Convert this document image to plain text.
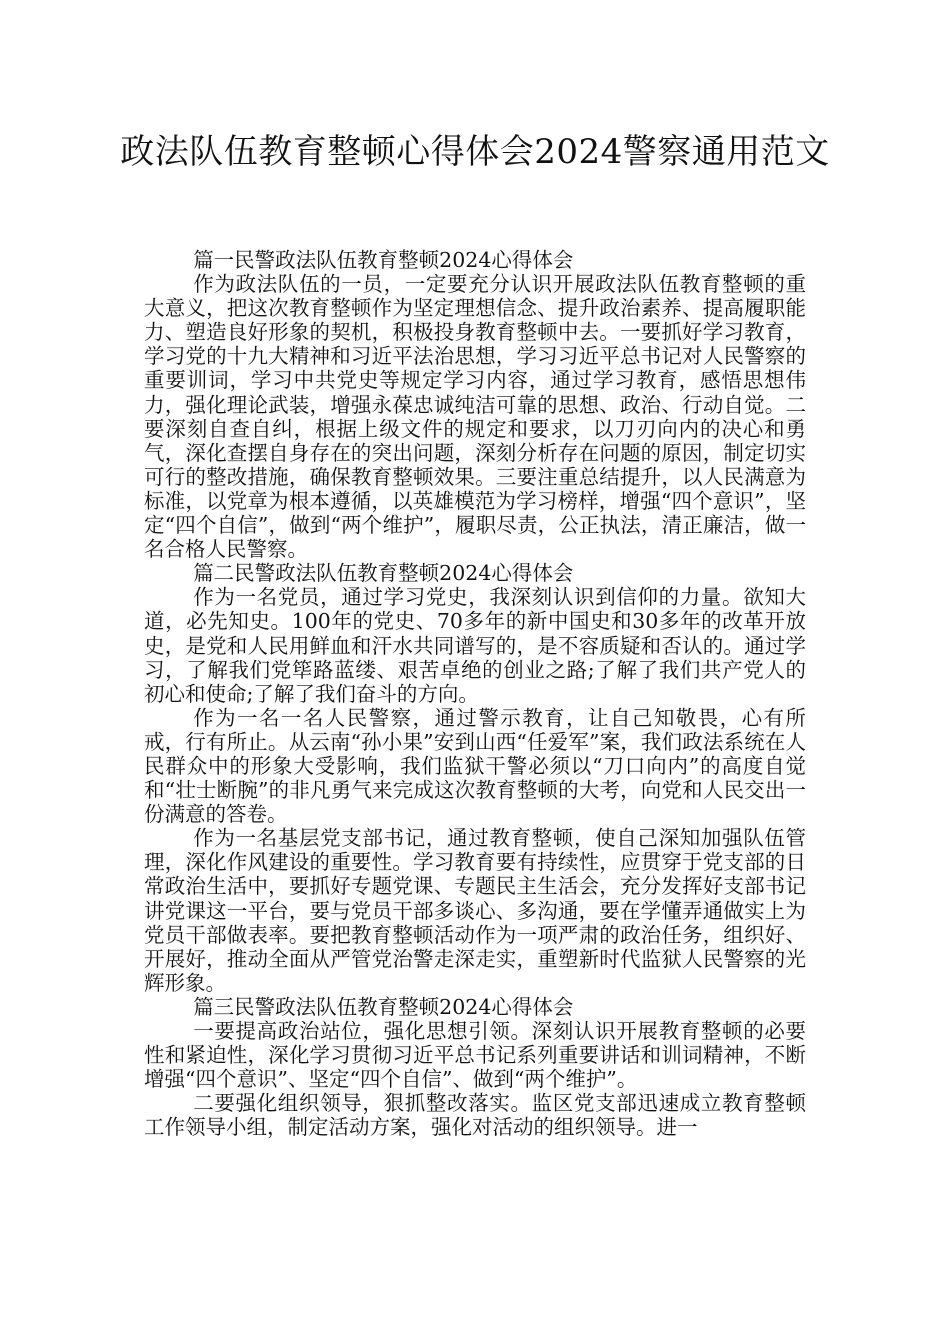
政法队伍教育整顿心得体会2024警察通用范文

篇一民警政法队伍教育整顿2024心得体会

作为政法队伍的一员，一定要充分认识开展政法队伍教育整顿的重大意义，把这次教育整顿作为坚定理想信念、提升政治素养、提高履职能力、塑造良好形象的契机，积极投身教育整顿中去。一要抓好学习教育，学习党的十九大精神和习近平法治思想，学习习近平总书记对人民警察的重要训词，学习中共党史等规定学习内容，通过学习教育，感悟思想伟力，强化理论武装，增强永葆忠诚纯洁可靠的思想、政治、行动自觉。二要深刻自查自纠，根据上级文件的规定和要求，以刀刃向内的决心和勇气，深化查摆自身存在的突出问题，深刻分析存在问题的原因，制定切实可行的整改措施，确保教育整顿效果。三要注重总结提升，以人民满意为标准，以党章为根本遵循，以英雄模范为学习榜样，增强“四个意识”，坚定“四个自信”，做到“两个维护”，履职尽责，公正执法，清正廉洁，做一名合格人民警察。

篇二民警政法队伍教育整顿2024心得体会

作为一名党员，通过学习党史，我深刻认识到信仰的力量。欲知大道，必先知史。100年的党史、70多年的新中国史和30多年的改革开放史，是党和人民用鲜血和汗水共同谱写的，是不容质疑和否认的。通过学习，了解我们党筚路蓝缕、艰苦卓绝的创业之路;了解了我们共产党人的初心和使命;了解了我们奋斗的方向。

作为一名一名人民警察，通过警示教育，让自己知敬畏，心有所戒，行有所止。从云南“孙小果”安到山西“任爱军”案，我们政法系统在人民群众中的形象大受影响，我们监狱干警必须以“刀口向内”的高度自觉和“壮士断腕”的非凡勇气来完成这次教育整顿的大考，向党和人民交出一份满意的答卷。

作为一名基层党支部书记，通过教育整顿，使自己深知加强队伍管理，深化作风建设的重要性。学习教育要有持续性，应贯穿于党支部的日常政治生活中，要抓好专题党课、专题民主生活会，充分发挥好支部书记讲党课这一平台，要与党员干部多谈心、多沟通，要在学懂弄通做实上为党员干部做表率。要把教育整顿活动作为一项严肃的政治任务，组织好、开展好，推动全面从严管党治警走深走实，重塑新时代监狱人民警察的光辉形象。

篇三民警政法队伍教育整顿2024心得体会

一要提高政治站位，强化思想引领。深刻认识开展教育整顿的必要性和紧迫性，深化学习贯彻习近平总书记系列重要讲话和训词精神，不断增强“四个意识”、坚定“四个自信”、做到“两个维护”。

二要强化组织领导，狠抓整改落实。监区党支部迅速成立教育整顿工作领导小组，制定活动方案，强化对活动的组织领导。进一
